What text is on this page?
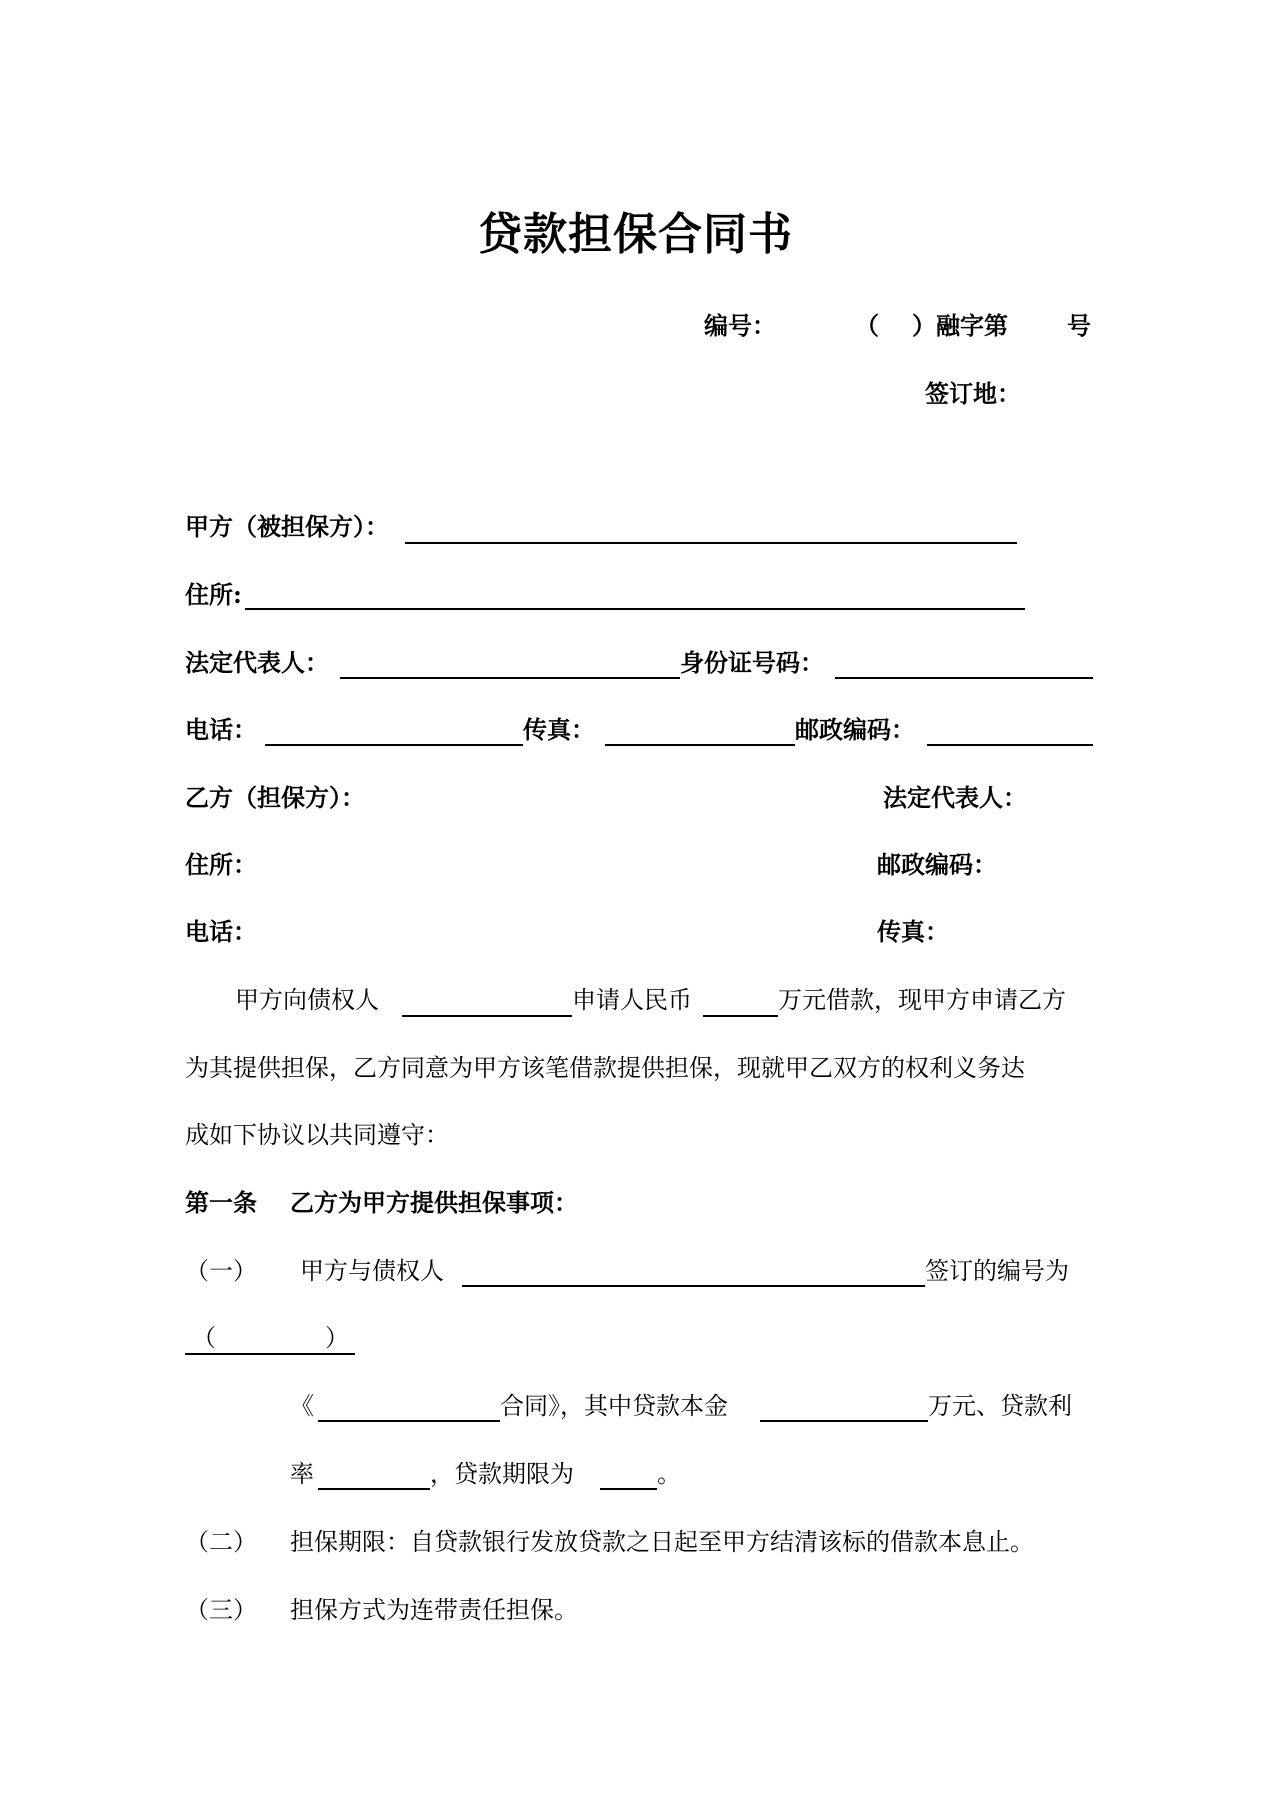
贷款担保合同书
编号：	（ ）融字第 号
签订地：
甲方（被担保方）：
住所:
法定代表人：	身份证号码：
电话：	传真：	邮政编码：
乙方（担保方）：	法定代表人：
住所：	邮政编码：
电话：	传真：
甲方向债权人	申请人民币	万元借款，现甲方申请乙方
为其提供担保，乙方同意为甲方该笔借款提供担保，现就甲乙双方的权利义务达
成如下协议以共同遵守：
第一条 乙方为甲方提供担保事项：
（一） 甲方与债权人	签订的编号为
（	）
《	合同》，其中贷款本金	万元、贷款利
率	，贷款期限为	。
（二） 担保期限：自贷款银行发放贷款之日起至甲方结清该标的借款本息止。
（三） 担保方式为连带责任担保。
